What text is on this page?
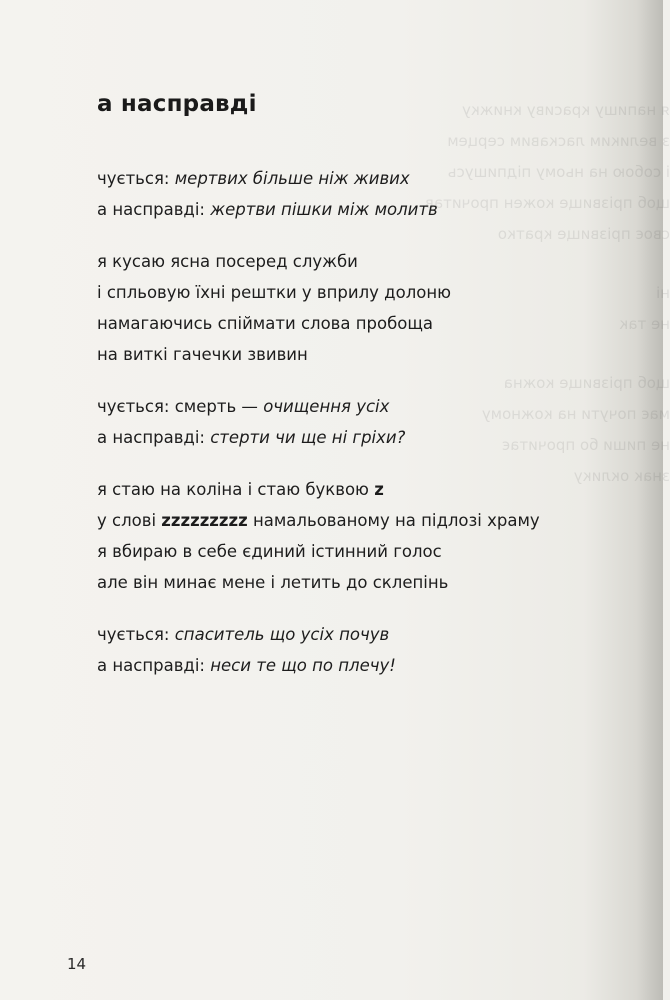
я напишу красиву книжку
з великим ласкавим серцем
і собою на ньому підпишусь
щоб прізвище кожен прочитав
своє прізвище кратко
ні
не так
щоб прізвище кожна
має почути на кожному
не пиши бо прочитає
знак оклику
а насправді
чується: мертвих більше ніж живих
а насправді: жертви пішки між молитв
я кусаю ясна посеред служби
і спльовую їхні рештки у вприлу долоню
намагаючись спіймати слова пробоща
на виткі гачечки звивин
чується: смерть — очищення усіх
а насправді: стерти чи ще ні гріхи?
я стаю на коліна і стаю буквою z
у слові zzzzzzzzz намальованому на підлозі храму
я вбираю в себе єдиний істинний голос
але він минає мене і летить до склепінь
чується: спаситель що усіх почув
а насправді: неси те що по плечу!
14
